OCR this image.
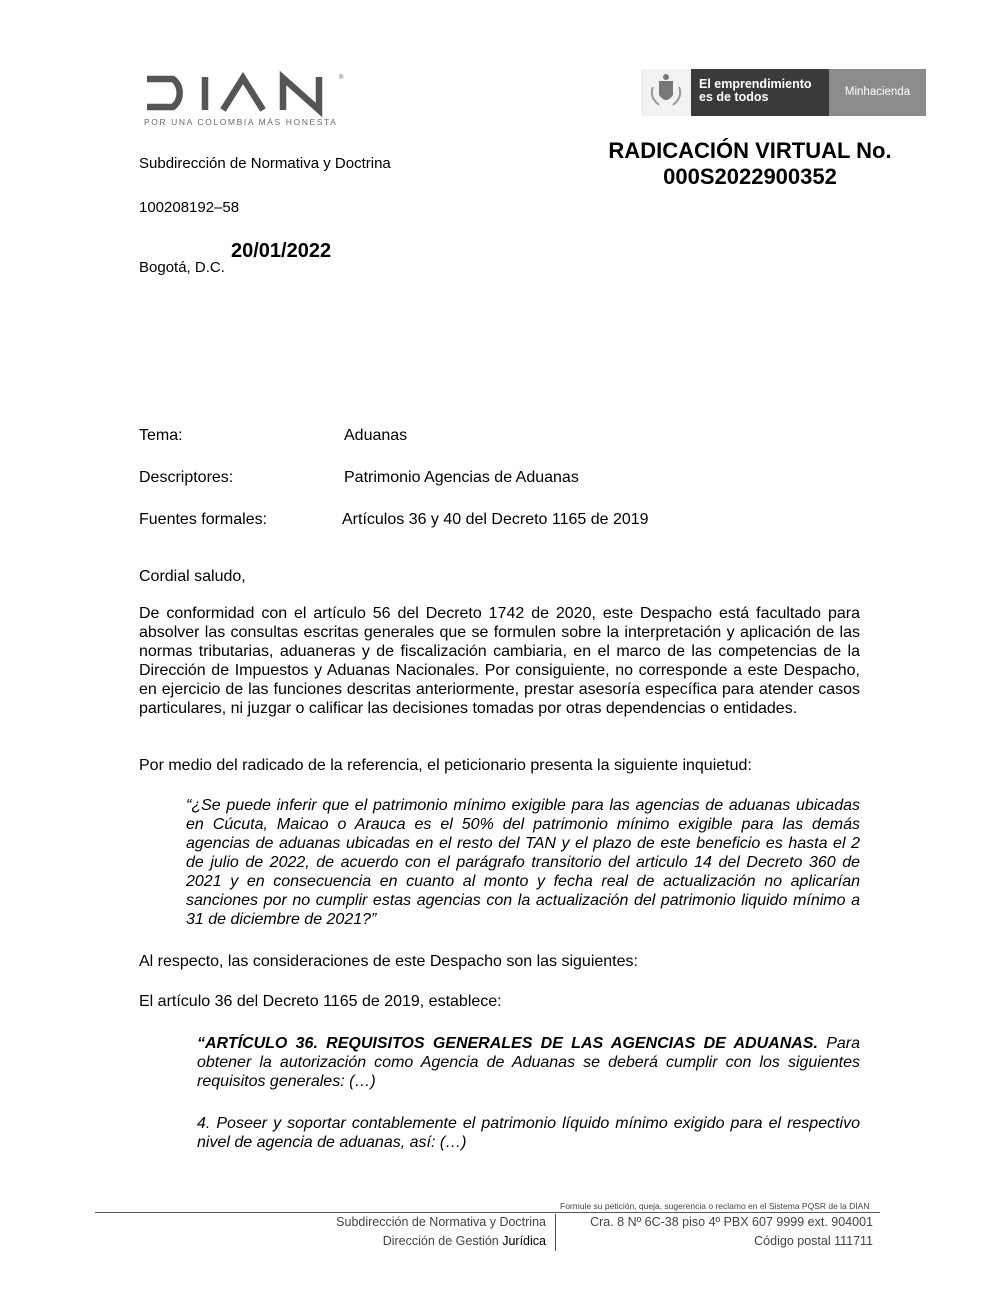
®
POR UNA COLOMBIA MÁS HONESTA
El emprendimiento
es de todos	Minhacienda
Subdirección de Normativa y Doctrina
100208192–58
Bogotá, D.C.
20/01/2022
RADICACIÓN VIRTUAL No.
000S2022900352
Tema:	Aduanas
Descriptores:	Patrimonio Agencias de Aduanas
Fuentes formales:	Artículos 36 y 40 del Decreto 1165 de 2019
Cordial saludo,
De conformidad con el artículo 56 del Decreto 1742 de 2020, este Despacho está facultado para absolver las consultas escritas generales que se formulen sobre la interpretación y aplicación de las normas tributarias, aduaneras y de fiscalización cambiaria, en el marco de las competencias de la Dirección de Impuestos y Aduanas Nacionales. Por consiguiente, no corresponde a este Despacho, en ejercicio de las funciones descritas anteriormente, prestar asesoría específica para atender casos particulares, ni juzgar o calificar las decisiones tomadas por otras dependencias o entidades.
Por medio del radicado de la referencia, el peticionario presenta la siguiente inquietud:
“¿Se puede inferir que el patrimonio mínimo exigible para las agencias de aduanas ubicadas en Cúcuta, Maicao o Arauca es el 50% del patrimonio mínimo exigible para las demás agencias de aduanas ubicadas en el resto del TAN y el plazo de este beneficio es hasta el 2 de julio de 2022, de acuerdo con el parágrafo transitorio del articulo 14 del Decreto 360 de 2021 y en consecuencia en cuanto al monto y fecha real de actualización no aplicarían sanciones por no cumplir estas agencias con la actualización del patrimonio liquido mínimo a 31 de diciembre de 2021?”
Al respecto, las consideraciones de este Despacho son las siguientes:
El artículo 36 del Decreto 1165 de 2019, establece:
“ARTÍCULO 36. REQUISITOS GENERALES DE LAS AGENCIAS DE ADUANAS. Para obtener la autorización como Agencia de Aduanas se deberá cumplir con los siguientes requisitos generales: (…)
4. Poseer y soportar contablemente el patrimonio líquido mínimo exigido para el respectivo nivel de agencia de aduanas, así: (…)
Formule su petición, queja, sugerencia o reclamo en el Sistema PQSR de la DIAN
Subdirección de Normativa y Doctrina
Dirección de Gestión Jurídica
Cra. 8 Nº 6C-38 piso 4º PBX 607 9999 ext. 904001
Código postal 111711
